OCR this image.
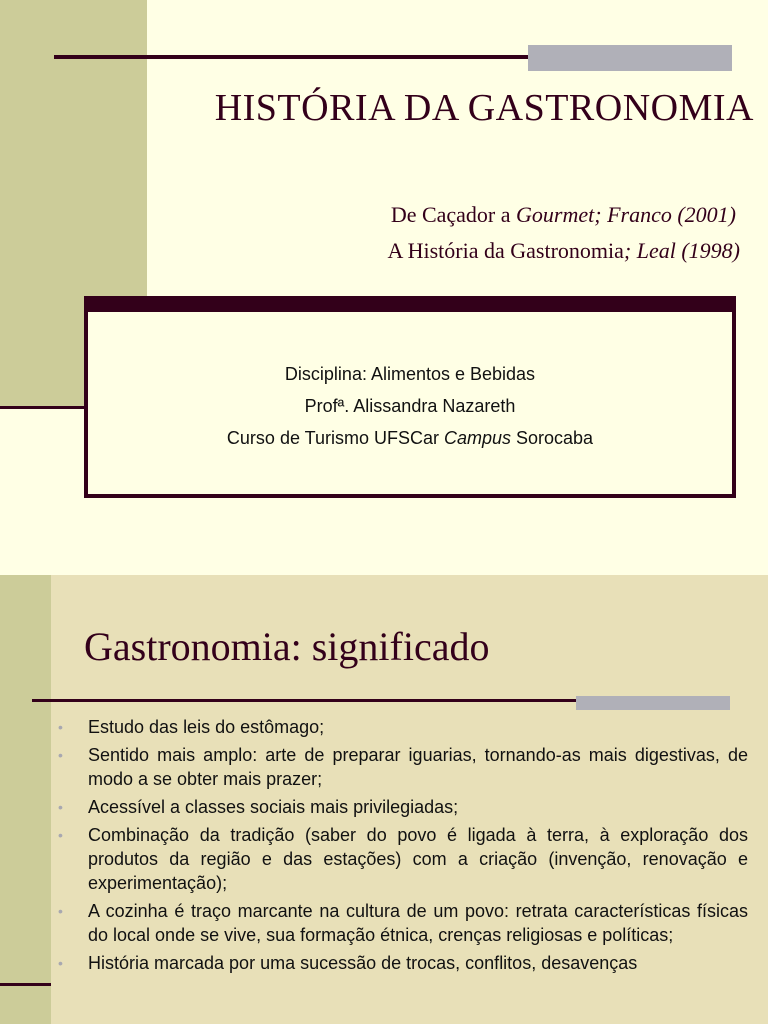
HISTÓRIA DA GASTRONOMIA
De Caçador a Gourmet; Franco (2001)
A História da Gastronomia; Leal (1998)
Disciplina: Alimentos e Bebidas
Profª. Alissandra Nazareth
Curso de Turismo UFSCar Campus Sorocaba
Gastronomia: significado
• Estudo das leis do estômago;
• Sentido mais amplo: arte de preparar iguarias, tornando-as mais digestivas, de modo a se obter mais prazer;
• Acessível a classes sociais mais privilegiadas;
• Combinação da tradição (saber do povo é ligada à terra, à exploração dos produtos da região e das estações) com a criação (invenção, renovação e experimentação);
• A cozinha é traço marcante na cultura de um povo: retrata características físicas do local onde se vive, sua formação étnica, crenças religiosas e políticas;
• História marcada por uma sucessão de trocas, conflitos, desavenças
